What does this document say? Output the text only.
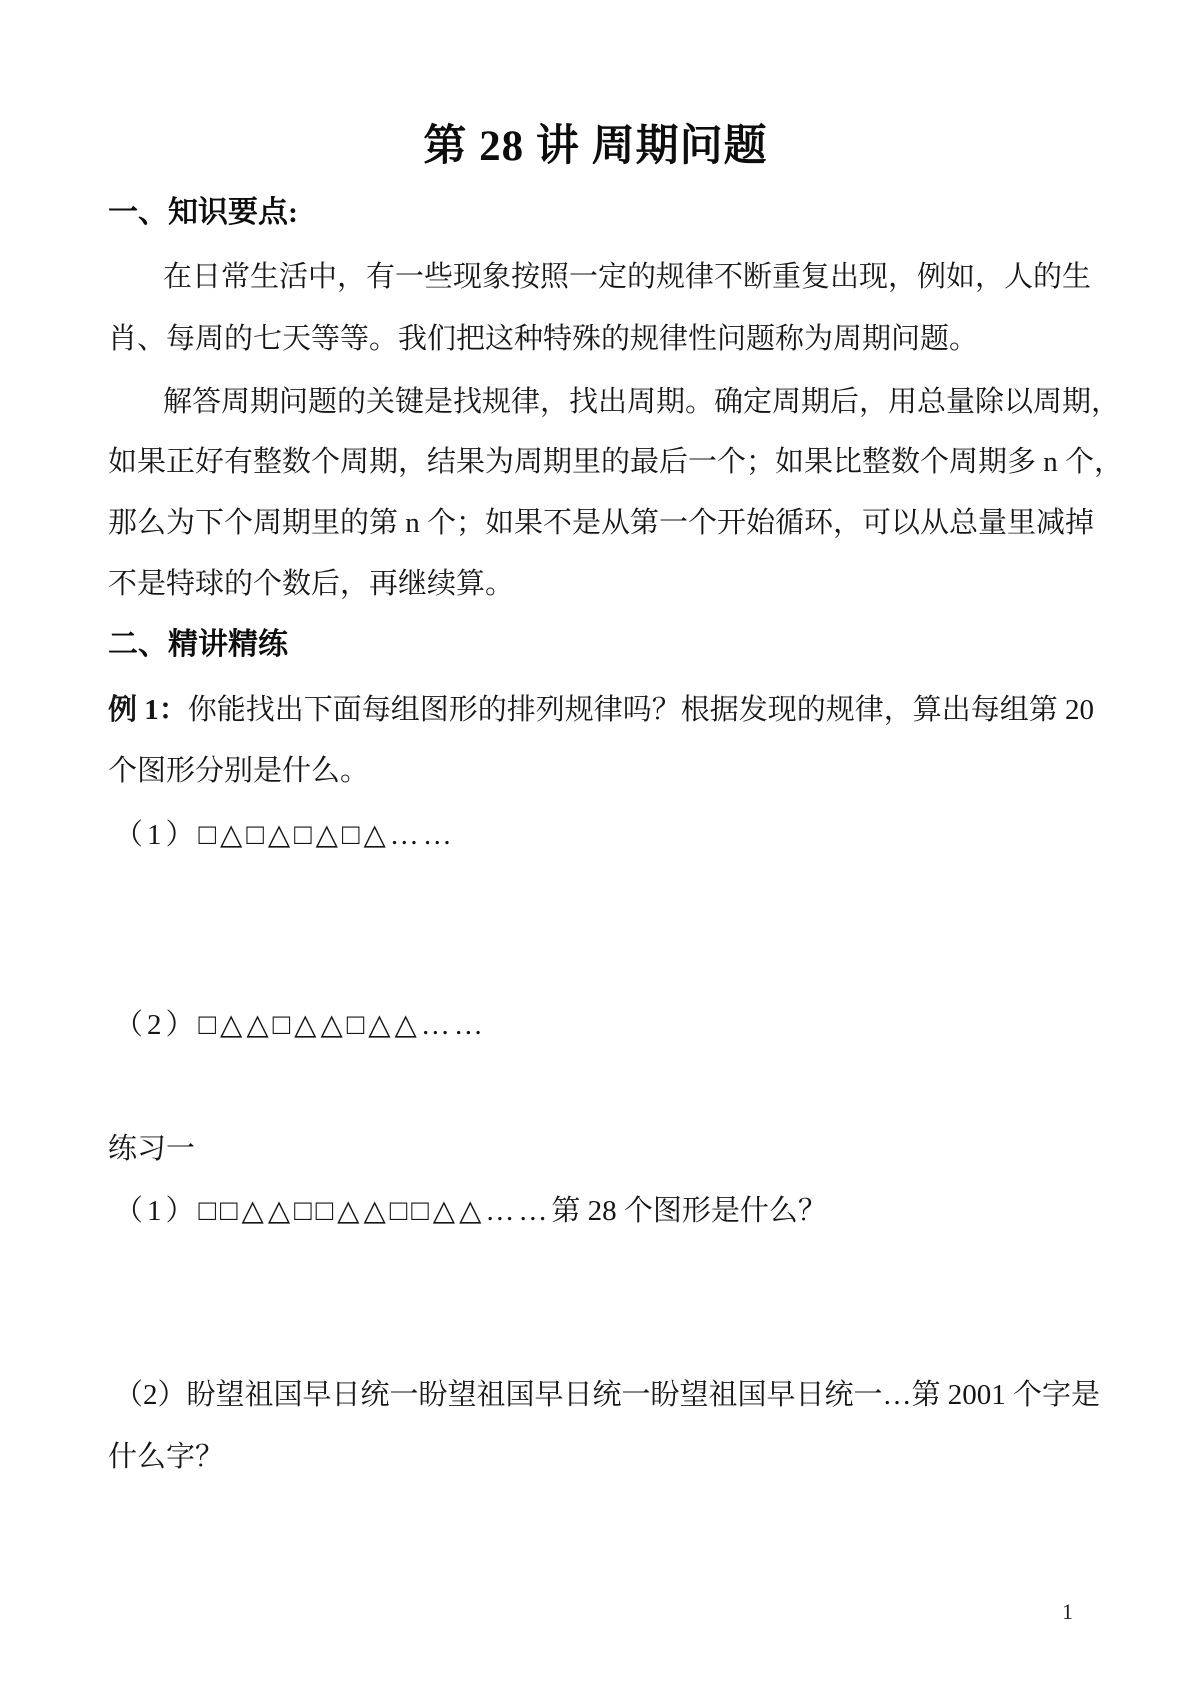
第 28 讲 周期问题
一、知识要点:
在日常生活中，有一些现象按照一定的规律不断重复出现，例如，人的生
肖、每周的七天等等。我们把这种特殊的规律性问题称为周期问题。
解答周期问题的关键是找规律，找出周期。确定周期后，用总量除以周期，
如果正好有整数个周期，结果为周期里的最后一个；如果比整数个周期多 n 个，
那么为下个周期里的第 n 个；如果不是从第一个开始循环，可以从总量里减掉
不是特球的个数后，再继续算。
二、精讲精练
例 1：你能找出下面每组图形的排列规律吗？根据发现的规律，算出每组第 20
个图形分别是什么。
（1）□△□△□△□△……
（2）□△△□△△□△△……
练习一
（1）□□△△□□△△□□△△……第 28 个图形是什么？
（2）盼望祖国早日统一盼望祖国早日统一盼望祖国早日统一…第 2001 个字是
什么字？
1
